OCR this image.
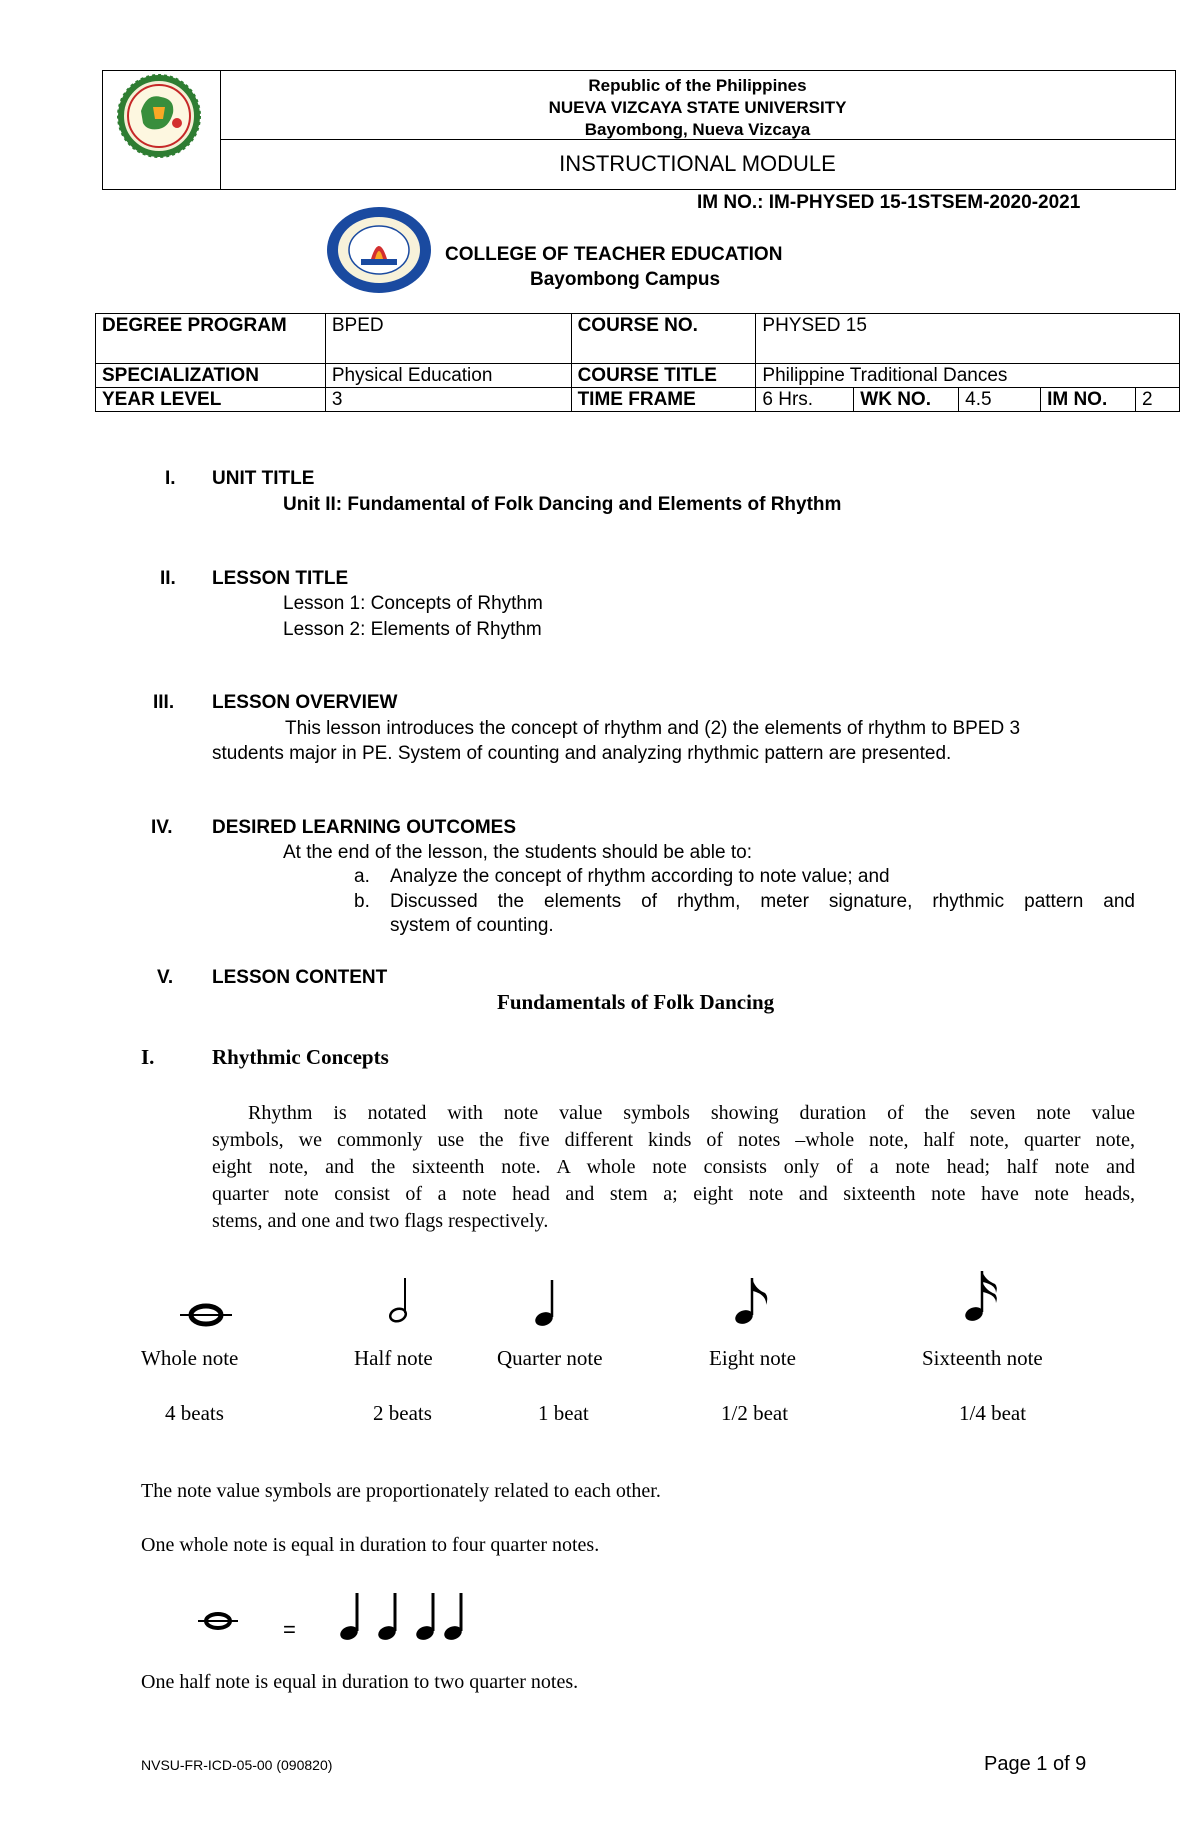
Republic of the Philippines
NUEVA VIZCAYA STATE UNIVERSITY
Bayombong, Nueva Vizcaya
INSTRUCTIONAL MODULE
IM NO.: IM-PHYSED 15-1STSEM-2020-2021
COLLEGE OF TEACHER EDUCATION
Bayombong Campus
DEGREE PROGRAM	BPED	COURSE NO.	PHYSED 15				
SPECIALIZATION	Physical Education	COURSE TITLE	Philippine Traditional Dances				
YEAR LEVEL	3	TIME FRAME	6 Hrs.	WK NO.	4.5	IM NO.	2
I. UNIT TITLE
Unit II: Fundamental of Folk Dancing and Elements of Rhythm
II. LESSON TITLE
Lesson 1: Concepts of Rhythm
Lesson 2: Elements of Rhythm
III. LESSON OVERVIEW
This lesson introduces the concept of rhythm and (2) the elements of rhythm to BPED 3
students major in PE. System of counting and analyzing rhythmic pattern are presented.
IV. DESIRED LEARNING OUTCOMES
At the end of the lesson, the students should be able to:
a. Analyze the concept of rhythm according to note value; and
b. Discussed the elements of rhythm, meter signature, rhythmic pattern and
system of counting.
V. LESSON CONTENT
Fundamentals of Folk Dancing
I.	Rhythmic Concepts
Rhythm is notated with note value symbols showing duration of the seven note value
symbols, we commonly use the five different kinds of notes –whole note, half note, quarter note,
eight note, and the sixteenth note. A whole note consists only of a note head; half note and
quarter note consist of a note head and stem a; eight note and sixteenth note have note heads,
stems, and one and two flags respectively.
Whole note	Half note	Quarter note	Eight note	Sixteenth note
4 beats	2 beats	1 beat	1/2 beat	1/4 beat
The note value symbols are proportionately related to each other.
One whole note is equal in duration to four quarter notes.
=
One half note is equal in duration to two quarter notes.
NVSU-FR-ICD-05-00 (090820)	Page 1 of 9
